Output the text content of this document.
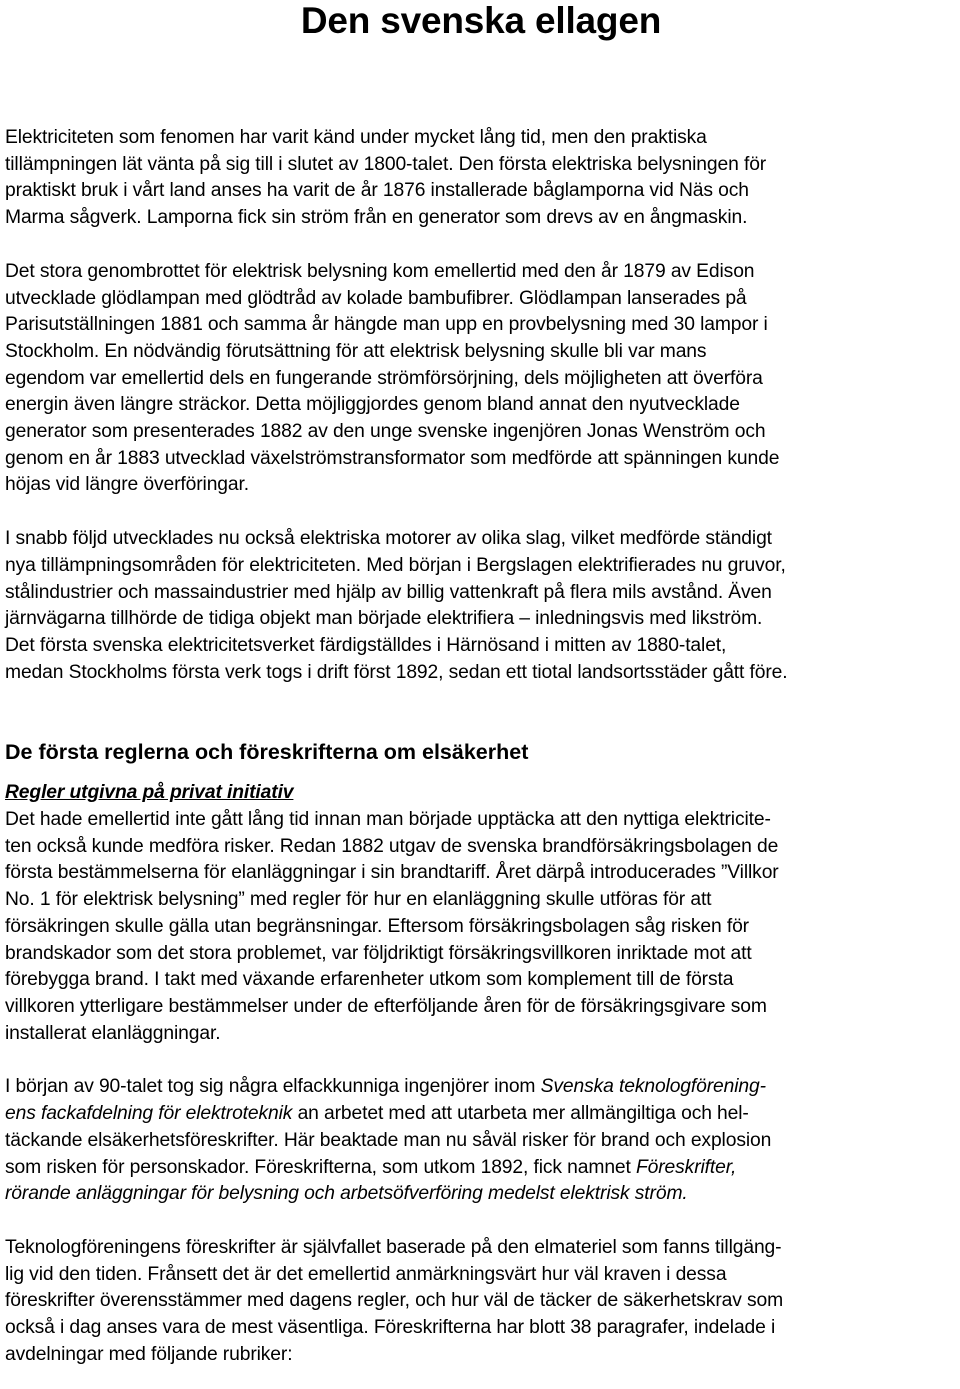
Den svenska ellagen

Elektriciteten som fenomen har varit känd under mycket lång tid, men den praktiska
tillämpningen lät vänta på sig till i slutet av 1800-talet. Den första elektriska belysningen för
praktiskt bruk i vårt land anses ha varit de år 1876 installerade båglamporna vid Näs och
Marma sågverk. Lamporna fick sin ström från en generator som drevs av en ångmaskin.

Det stora genombrottet för elektrisk belysning kom emellertid med den år 1879 av Edison
utvecklade glödlampan med glödtråd av kolade bambufibrer. Glödlampan lanserades på
Parisutställningen 1881 och samma år hängde man upp en provbelysning med 30 lampor i
Stockholm. En nödvändig förutsättning för att elektrisk belysning skulle bli var mans
egendom var emellertid dels en fungerande strömförsörjning, dels möjligheten att överföra
energin även längre sträckor. Detta möjliggjordes genom bland annat den nyutvecklade
generator som presenterades 1882 av den unge svenske ingenjören Jonas Wenström och
genom en år 1883 utvecklad växelströmstransformator som medförde att spänningen kunde
höjas vid längre överföringar.

I snabb följd utvecklades nu också elektriska motorer av olika slag, vilket medförde ständigt
nya tillämpningsområden för elektriciteten. Med början i Bergslagen elektrifierades nu gruvor,
stålindustrier och massaindustrier med hjälp av billig vattenkraft på flera mils avstånd. Även
järnvägarna tillhörde de tidiga objekt man började elektrifiera – inledningsvis med likström.
Det första svenska elektricitetsverket färdigställdes i Härnösand i mitten av 1880-talet,
medan Stockholms första verk togs i drift först 1892, sedan ett tiotal landsortsstäder gått före.

De första reglerna och föreskrifterna om elsäkerhet
Regler utgivna på privat initiativ

Det hade emellertid inte gått lång tid innan man började upptäcka att den nyttiga elektricite-
ten också kunde medföra risker. Redan 1882 utgav de svenska brandförsäkringsbolagen de
första bestämmelserna för elanläggningar i sin brandtariff. Året därpå introducerades ”Villkor
No. 1 för elektrisk belysning” med regler för hur en elanläggning skulle utföras för att
försäkringen skulle gälla utan begränsningar. Eftersom försäkringsbolagen såg risken för
brandskador som det stora problemet, var följdriktigt försäkringsvillkoren inriktade mot att
förebygga brand. I takt med växande erfarenheter utkom som komplement till de första
villkoren ytterligare bestämmelser under de efterföljande åren för de försäkringsgivare som
installerat elanläggningar.

I början av 90-talet tog sig några elfackkunniga ingenjörer inom Svenska teknologförening-
ens fackafdelning för elektroteknik an arbetet med att utarbeta mer allmängiltiga och hel-
täckande elsäkerhetsföreskrifter. Här beaktade man nu såväl risker för brand och explosion
som risken för personskador. Föreskrifterna, som utkom 1892, fick namnet Föreskrifter,
rörande anläggningar för belysning och arbetsöfverföring medelst elektrisk ström.

Teknologföreningens föreskrifter är självfallet baserade på den elmateriel som fanns tillgäng-
lig vid den tiden. Frånsett det är det emellertid anmärkningsvärt hur väl kraven i dessa
föreskrifter överensstämmer med dagens regler, och hur väl de täcker de säkerhetskrav som
också i dag anses vara de mest väsentliga. Föreskrifterna har blott 38 paragrafer, indelade i
avdelningar med följande rubriker:
